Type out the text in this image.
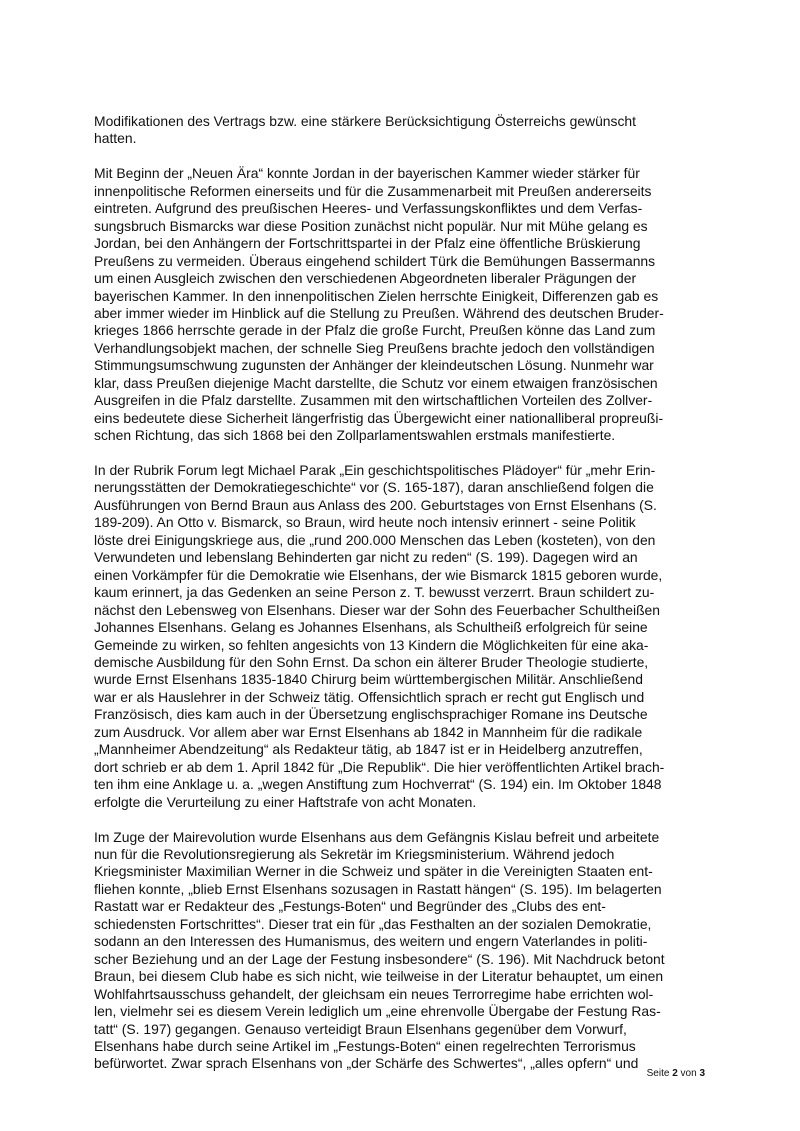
Modifikationen des Vertrags bzw. eine stärkere Berücksichtigung Österreichs gewünscht
hatten.

Mit Beginn der „Neuen Ära“ konnte Jordan in der bayerischen Kammer wieder stärker für
innenpolitische Reformen einerseits und für die Zusammenarbeit mit Preußen andererseits
eintreten. Aufgrund des preußischen Heeres- und Verfassungskonfliktes und dem Verfas-
sungsbruch Bismarcks war diese Position zunächst nicht populär. Nur mit Mühe gelang es
Jordan, bei den Anhängern der Fortschrittspartei in der Pfalz eine öffentliche Brüskierung
Preußens zu vermeiden. Überaus eingehend schildert Türk die Bemühungen Bassermanns
um einen Ausgleich zwischen den verschiedenen Abgeordneten liberaler Prägungen der
bayerischen Kammer. In den innenpolitischen Zielen herrschte Einigkeit, Differenzen gab es
aber immer wieder im Hinblick auf die Stellung zu Preußen. Während des deutschen Bruder-
krieges 1866 herrschte gerade in der Pfalz die große Furcht, Preußen könne das Land zum
Verhandlungsobjekt machen, der schnelle Sieg Preußens brachte jedoch den vollständigen
Stimmungsumschwung zugunsten der Anhänger der kleindeutschen Lösung. Nunmehr war
klar, dass Preußen diejenige Macht darstellte, die Schutz vor einem etwaigen französischen
Ausgreifen in die Pfalz darstellte. Zusammen mit den wirtschaftlichen Vorteilen des Zollver-
eins bedeutete diese Sicherheit längerfristig das Übergewicht einer nationalliberal propreußi-
schen Richtung, das sich 1868 bei den Zollparlamentswahlen erstmals manifestierte.

In der Rubrik Forum legt Michael Parak „Ein geschichtspolitisches Plädoyer“ für „mehr Erin-
nerungsstätten der Demokratiegeschichte“ vor (S. 165-187), daran anschließend folgen die
Ausführungen von Bernd Braun aus Anlass des 200. Geburtstages von Ernst Elsenhans (S.
189-209). An Otto v. Bismarck, so Braun, wird heute noch intensiv erinnert - seine Politik
löste drei Einigungskriege aus, die „rund 200.000 Menschen das Leben (kosteten), von den
Verwundeten und lebenslang Behinderten gar nicht zu reden“ (S. 199). Dagegen wird an
einen Vorkämpfer für die Demokratie wie Elsenhans, der wie Bismarck 1815 geboren wurde,
kaum erinnert, ja das Gedenken an seine Person z. T. bewusst verzerrt. Braun schildert zu-
nächst den Lebensweg von Elsenhans. Dieser war der Sohn des Feuerbacher Schultheißen
Johannes Elsenhans. Gelang es Johannes Elsenhans, als Schultheiß erfolgreich für seine
Gemeinde zu wirken, so fehlten angesichts von 13 Kindern die Möglichkeiten für eine aka-
demische Ausbildung für den Sohn Ernst. Da schon ein älterer Bruder Theologie studierte,
wurde Ernst Elsenhans 1835-1840 Chirurg beim württembergischen Militär. Anschließend
war er als Hauslehrer in der Schweiz tätig. Offensichtlich sprach er recht gut Englisch und
Französisch, dies kam auch in der Übersetzung englischsprachiger Romane ins Deutsche
zum Ausdruck. Vor allem aber war Ernst Elsenhans ab 1842 in Mannheim für die radikale
„Mannheimer Abendzeitung“ als Redakteur tätig, ab 1847 ist er in Heidelberg anzutreffen,
dort schrieb er ab dem 1. April 1842 für „Die Republik“. Die hier veröffentlichten Artikel brach-
ten ihm eine Anklage u. a. „wegen Anstiftung zum Hochverrat“ (S. 194) ein. Im Oktober 1848
erfolgte die Verurteilung zu einer Haftstrafe von acht Monaten.

Im Zuge der Mairevolution wurde Elsenhans aus dem Gefängnis Kislau befreit und arbeitete
nun für die Revolutionsregierung als Sekretär im Kriegsministerium. Während jedoch
Kriegsminister Maximilian Werner in die Schweiz und später in die Vereinigten Staaten ent-
fliehen konnte, „blieb Ernst Elsenhans sozusagen in Rastatt hängen“ (S. 195). Im belagerten
Rastatt war er Redakteur des „Festungs-Boten“ und Begründer des „Clubs des ent-
schiedensten Fortschrittes“. Dieser trat ein für „das Festhalten an der sozialen Demokratie,
sodann an den Interessen des Humanismus, des weitern und engern Vaterlandes in politi-
scher Beziehung und an der Lage der Festung insbesondere“ (S. 196). Mit Nachdruck betont
Braun, bei diesem Club habe es sich nicht, wie teilweise in der Literatur behauptet, um einen
Wohlfahrtsausschuss gehandelt, der gleichsam ein neues Terrorregime habe errichten wol-
len, vielmehr sei es diesem Verein lediglich um „eine ehrenvolle Übergabe der Festung Ras-
tatt“ (S. 197) gegangen. Genauso verteidigt Braun Elsenhans gegenüber dem Vorwurf,
Elsenhans habe durch seine Artikel im „Festungs-Boten“ einen regelrechten Terrorismus
befürwortet. Zwar sprach Elsenhans von „der Schärfe des Schwertes“, „alles opfern“ und

Seite 2 von 3
